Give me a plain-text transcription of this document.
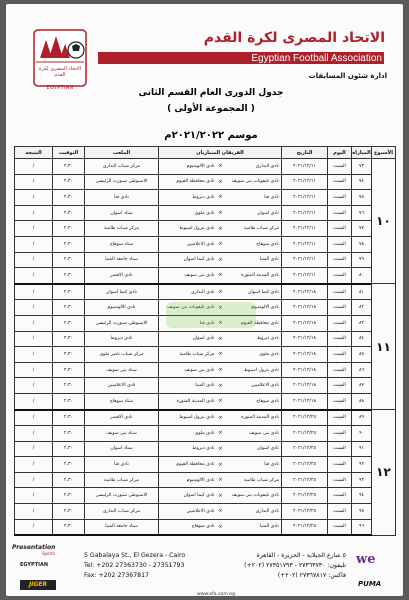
الاتحاد المصرى لكرة القدم
EGYPTIAN
الاتحاد المصرى لكرة القدم
Egyptian Football Association
ادارة شئون المسابقات
جدول الدورى العام القسم الثانى
( المجموعة الأولى )
موسم ٢٠٢١/٢٠٢٢م
الأسبوع	المباراة	اليوم	التاريخ	الفريقان المتباريان			الملعب	التوقيت	النتيجة
١٠	٧٣	السبت	٢٠٢١/١٢/١١	نادى البدارى	×	نادى الالومنيوم	مركز شباب البدارى	٢،٣٠	/
	٧٤	السبت	٢٠٢١/١٢/١١	نادى تليفونات بنى سويف	×	نادى محافظة الفيوم	الاسيوطى سبورت الرئيسى	٢،٣٠	/
	٧٥	السبت	٢٠٢١/١٢/١١	نادى قنا	×	نادى ديروط	نادى قنا	٢،٣٠	/
	٧٦	السبت	٢٠٢١/١٢/١١	نادى اسوان	×	نادى ملوى	ستاد اسوان	٢،٣٠	/
	٧٧	السبت	٢٠٢١/١٢/١١	مركز شباب طامية	×	نادى بترول اسيوط	مركز شباب طامية	٢،٣٠	/
	٧٨	السبت	٢٠٢١/١٢/١١	نادى سوهاج	×	نادى الاعلاميين	ستاد سوهاج	٢،٣٠	/
	٧٩	السبت	٢٠٢١/١٢/١١	نادى المنيا	×	نادى كيما اسوان	ستاد جامعة المنيا	٢،٣٠	/
	٨٠	السبت	٢٠٢١/١٢/١١	نادى المدينة المنورة	×	نادى بنى سويف	نادى الاقصر	٢،٣٠	/
١١	٨١	السبت	٢٠٢١/١٢/١٨	نادى كيما اسوان	×	نادى البدارى	نادى كيما اسوان	٢،٣٠	/
	٨٢	السبت	٢٠٢١/١٢/١٨	نادى الالومنيوم	×	نادى تليفونات بنى سويف	نادى الالومنيوم	٢،٣٠	/
	٨٣	السبت	٢٠٢١/١٢/١٨	نادى محافظة الفيوم	×	نادى قنا	الاسيوطى سبورت الرئيسى	٢،٣٠	/
	٨٤	السبت	٢٠٢١/١٢/١٨	نادى ديروط	×	نادى اسوان	نادى ديروط	٢،٣٠	/
	٨٥	السبت	٢٠٢١/١٢/١٨	نادى ملوى	×	مركز شباب طامية	مركز شباب ناصر ملوى	٢،٣٠	/
	٨٦	السبت	٢٠٢١/١٢/١٨	نادى بترول اسيوط	×	نادى بنى سويف	ستاد بنى سويف	٢،٣٠	/
	٨٧	السبت	٢٠٢١/١٢/١٨	نادى الاعلاميين	×	نادى المنيا	نادى الاعلاميين	٢،٣٠	/
	٨٨	السبت	٢٠٢١/١٢/١٨	نادى سوهاج	×	نادى المدينة المنورة	ستاد سوهاج	٢،٣٠	/
١٢	٨٩	السبت	٢٠٢١/١٢/٢٥	نادى المدينة المنورة	×	نادى بترول اسيوط	نادى الاقصر	٢،٣٠	/
	٩٠	السبت	٢٠٢١/١٢/٢٥	نادى بنى سويف	×	نادى ملوى	ستاد بنى سويف	٢،٣٠	/
	٩١	السبت	٢٠٢١/١٢/٢٥	نادى اسوان	×	نادى ديروط	ستاد اسوان	٢،٣٠	/
	٩٢	السبت	٢٠٢١/١٢/٢٥	نادى قنا	×	نادى محافظة الفيوم	نادى قنا	٢،٣٠	/
	٩٣	السبت	٢٠٢١/١٢/٢٥	مركز شباب طامية	×	نادى الالومنيوم	مركز شباب طامية	٢،٣٠	/
	٩٤	السبت	٢٠٢١/١٢/٢٥	نادى تليفونات بنى سويف	×	نادى كيما اسوان	الاسيوطى سبورت الرئيسى	٢،٣٠	/
	٩٥	السبت	٢٠٢١/١٢/٢٥	نادى البدارى	×	نادى الاعلاميين	مركز شباب البدارى	٢،٣٠	/
	٩٦	السبت	٢٠٢١/١٢/٢٥	نادى المنيا	×	نادى سوهاج	ستاد جامعة المنيا	٢،٣٠	/
Presentation
Sports
EGYPTIAN
JIGER
5 Gabalaya St., El Gezera - Cairo
Tel: +202 27363730 - 27351793
Fax: +202 27367817
٥ شارع الجبلاية - الجزيرة - القاهرة
تليفون: ٢٧٣٦٣٧٣٠ - ٢٧٣٥١٧٩٣ (٢٠٢+)
فاكس: ٢٧٣٦٧٨١٧ (٢٠٢+)
we
PUMA
www.efa.com.eg
